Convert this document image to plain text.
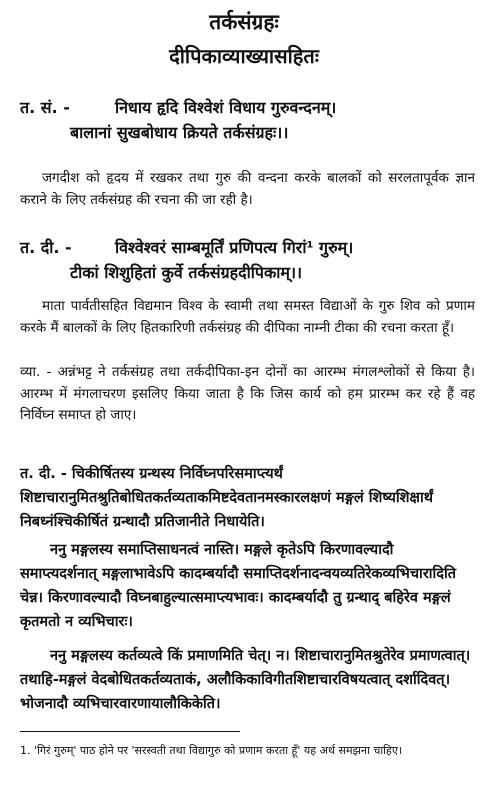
तर्कसंग्रहः
दीपिकाव्याख्यासहितः
त. सं. -	निधाय हृदि विश्वेशं विधाय गुरुवन्दनम्।
बालानां सुखबोधाय क्रियते तर्कसंग्रहः।।
जगदीश को हृदय में रखकर तथा गुरु की वन्दना करके बालकों को सरलतापूर्वक ज्ञान कराने के लिए तर्कसंग्रह की रचना की जा रही है।
त. दी. -	विश्वेश्वरं साम्बमूर्तिं प्रणिपत्य गिरां¹ गुरुम्।
टीकां शिशुहितां कुर्वे तर्कसंग्रहदीपिकाम्।।
माता पार्वतीसहित विद्यमान विश्व के स्वामी तथा समस्त विद्याओं के गुरु शिव को प्रणाम करके मैं बालकों के लिए हितकारिणी तर्कसंग्रह की दीपिका नाम्नी टीका की रचना करता हूँ।
व्या. - अन्नंभट्ट ने तर्कसंग्रह तथा तर्कदीपिका-इन दोनों का आरम्भ मंगलश्लोकों से किया है। आरम्भ में मंगलाचरण इसलिए किया जाता है कि जिस कार्य को हम प्रारम्भ कर रहे हैं वह निर्विघ्न समाप्त हो जाए।
त. दी. - चिकीर्षितस्य ग्रन्थस्य निर्विघ्नपरिसमाप्त्यर्थं शिष्टाचारानुमितश्रुतिबोधितकर्तव्यताकमिष्टदेवतानमस्कारलक्षणं मङ्गलं शिष्यशिक्षार्थं निबध्नंश्चिकीर्षितं ग्रन्थादौ प्रतिजानीते निधायेति।
ननु मङ्गलस्य समाप्तिसाधनत्वं नास्ति। मङ्गले कृतेऽपि किरणावल्यादौ समाप्त्यदर्शनात् मङ्गलाभावेऽपि कादम्बर्यादौ समाप्तिदर्शनादन्वयव्यतिरेकव्यभिचारादिति चेन्न। किरणावल्यादौ विघ्नबाहुल्यात्समाप्त्यभावः। कादम्बर्यादौ तु ग्रन्थाद् बहिरेव मङ्गलं कृतमतो न व्यभिचारः।
ननु मङ्गलस्य कर्तव्यत्वे किं प्रमाणमिति चेत्। न। शिष्टाचारानुमितश्रुतेरेव प्रमाणत्वात्। तथाहि-मङ्गलं वेदबोधितकर्तव्यताकं, अलौकिकाविगीतशिष्टाचारविषयत्वात् दर्शादिवत्। भोजनादौ व्यभिचारवारणायालौकिकेति।
1. 'गिरं गुरुम्' पाठ होने पर 'सरस्वती तथा विद्यागुरु को प्रणाम करता हूँ' यह अर्थ समझना चाहिए।
